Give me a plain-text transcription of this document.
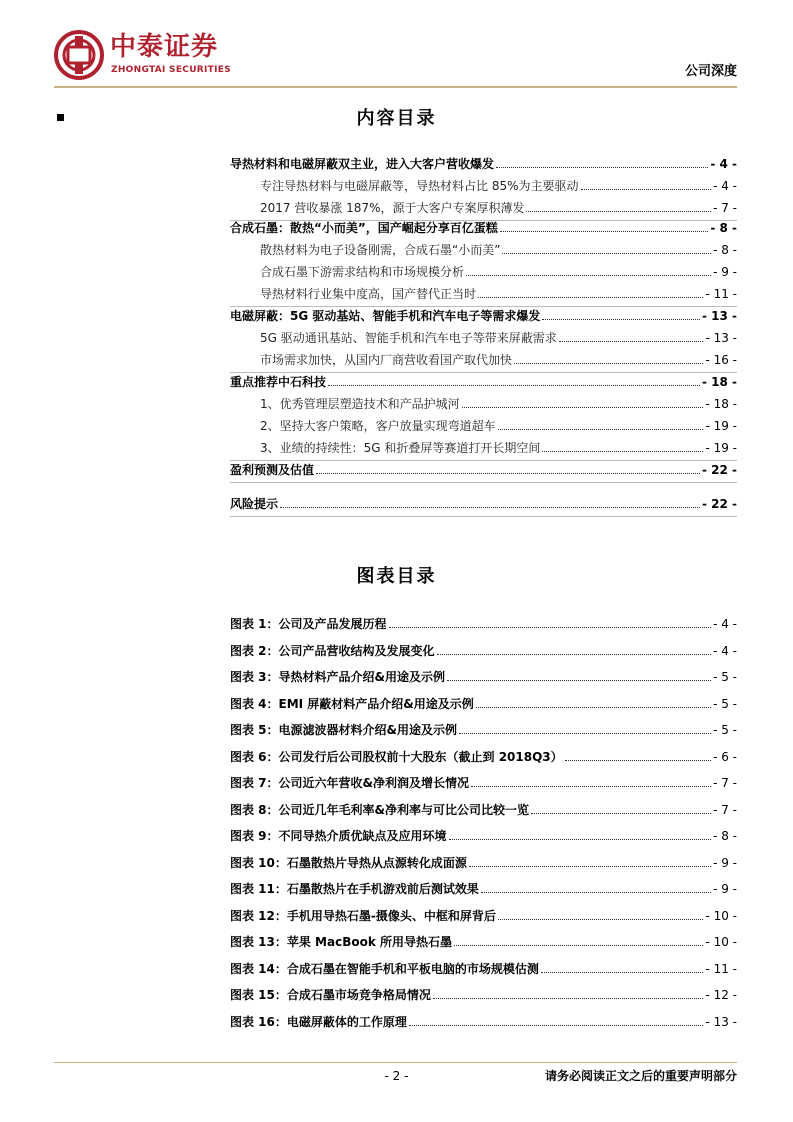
中泰证券
ZHONGTAI SECURITIES	公司深度
内容目录
导热材料和电磁屏蔽双主业，进入大客户营收爆发	- 4 -
专注导热材料与电磁屏蔽等，导热材料占比 85%为主要驱动	- 4 -
2017 营收暴涨 187%，源于大客户专案厚积薄发	- 7 -
合成石墨：散热“小而美”，国产崛起分享百亿蛋糕	- 8 -
散热材料为电子设备刚需，合成石墨“小而美”	- 8 -
合成石墨下游需求结构和市场规模分析	- 9 -
导热材料行业集中度高，国产替代正当时	- 11 -
电磁屏蔽：5G 驱动基站、智能手机和汽车电子等需求爆发	- 13 -
5G 驱动通讯基站、智能手机和汽车电子等带来屏蔽需求	- 13 -
市场需求加快，从国内厂商营收看国产取代加快	- 16 -
重点推荐中石科技	- 18 -
1、优秀管理层塑造技术和产品护城河	- 18 -
2、坚持大客户策略，客户放量实现弯道超车	- 19 -
3、业绩的持续性：5G 和折叠屏等赛道打开长期空间	- 19 -
盈利预测及估值	- 22 -
风险提示	- 22 -
图表目录
图表 1：公司及产品发展历程	- 4 -
图表 2：公司产品营收结构及发展变化	- 4 -
图表 3：导热材料产品介绍&用途及示例	- 5 -
图表 4：EMI 屏蔽材料产品介绍&用途及示例	- 5 -
图表 5：电源滤波器材料介绍&用途及示例	- 5 -
图表 6：公司发行后公司股权前十大股东（截止到 2018Q3）	- 6 -
图表 7：公司近六年营收&净利润及增长情况	- 7 -
图表 8：公司近几年毛利率&净利率与可比公司比较一览	- 7 -
图表 9：不同导热介质优缺点及应用环境	- 8 -
图表 10：石墨散热片导热从点源转化成面源	- 9 -
图表 11：石墨散热片在手机游戏前后测试效果	- 9 -
图表 12：手机用导热石墨-摄像头、中框和屏背后	- 10 -
图表 13：苹果 MacBook 所用导热石墨	- 10 -
图表 14：合成石墨在智能手机和平板电脑的市场规模估测	- 11 -
图表 15：合成石墨市场竞争格局情况	- 12 -
图表 16：电磁屏蔽体的工作原理	- 13 -
- 2 -	请务必阅读正文之后的重要声明部分
